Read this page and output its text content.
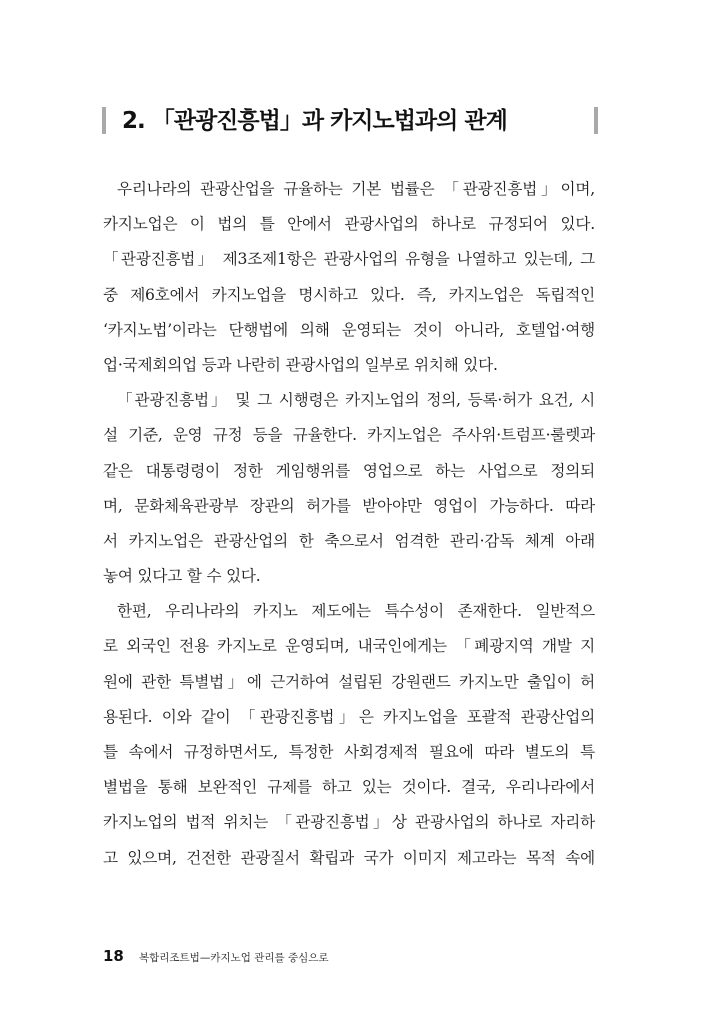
2. 「관광진흥법」과 카지노법과의 관계
우리나라의 관광산업을 규율하는 기본 법률은 「관광진흥법」이며,
카지노업은 이 법의 틀 안에서 관광사업의 하나로 규정되어 있다.
「관광진흥법」 제3조제1항은 관광사업의 유형을 나열하고 있는데, 그
중 제6호에서 카지노업을 명시하고 있다. 즉, 카지노업은 독립적인
‘카지노법’이라는 단행법에 의해 운영되는 것이 아니라, 호텔업·여행
업·국제회의업 등과 나란히 관광사업의 일부로 위치해 있다.
「관광진흥법」 및 그 시행령은 카지노업의 정의, 등록·허가 요건, 시
설 기준, 운영 규정 등을 규율한다. 카지노업은 주사위·트럼프·룰렛과
같은 대통령령이 정한 게임행위를 영업으로 하는 사업으로 정의되
며, 문화체육관광부 장관의 허가를 받아야만 영업이 가능하다. 따라
서 카지노업은 관광산업의 한 축으로서 엄격한 관리·감독 체계 아래
놓여 있다고 할 수 있다.
한편, 우리나라의 카지노 제도에는 특수성이 존재한다. 일반적으
로 외국인 전용 카지노로 운영되며, 내국인에게는 「폐광지역 개발 지
원에 관한 특별법」에 근거하여 설립된 강원랜드 카지노만 출입이 허
용된다. 이와 같이 「관광진흥법」은 카지노업을 포괄적 관광산업의
틀 속에서 규정하면서도, 특정한 사회경제적 필요에 따라 별도의 특
별법을 통해 보완적인 규제를 하고 있는 것이다. 결국, 우리나라에서
카지노업의 법적 위치는 「관광진흥법」상 관광사업의 하나로 자리하
고 있으며, 건전한 관광질서 확립과 국가 이미지 제고라는 목적 속에
18 복합리조트법—카지노업 관리를 중심으로
